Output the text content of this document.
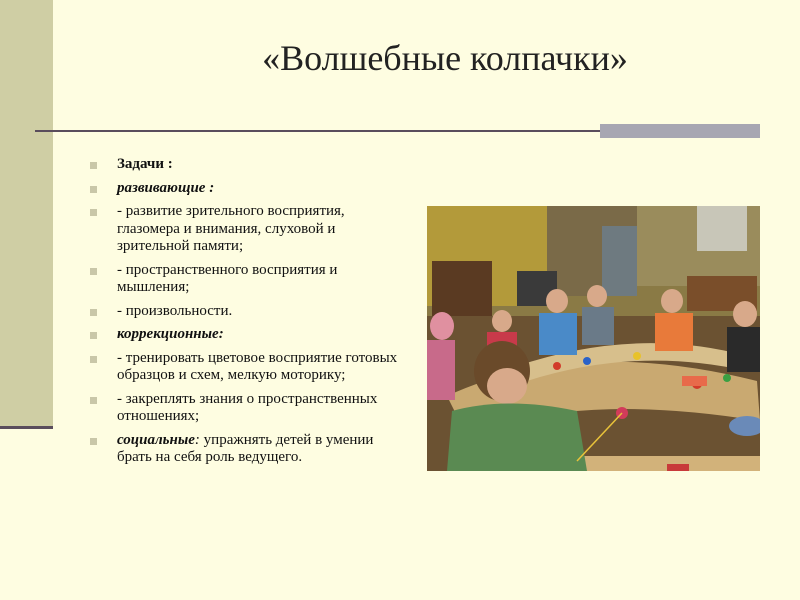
«Волшебные колпачки»
Задачи :
развивающие :
- развитие зрительного восприятия, глазомера и внимания, слуховой и зрительной памяти;
- пространственного восприятия и мышления;
- произвольности.
коррекционные:
- тренировать цветовое восприятие готовых образцов и схем, мелкую моторику;
- закреплять знания о пространственных отношениях;
социальные: упражнять детей в умении брать на себя роль ведущего.
